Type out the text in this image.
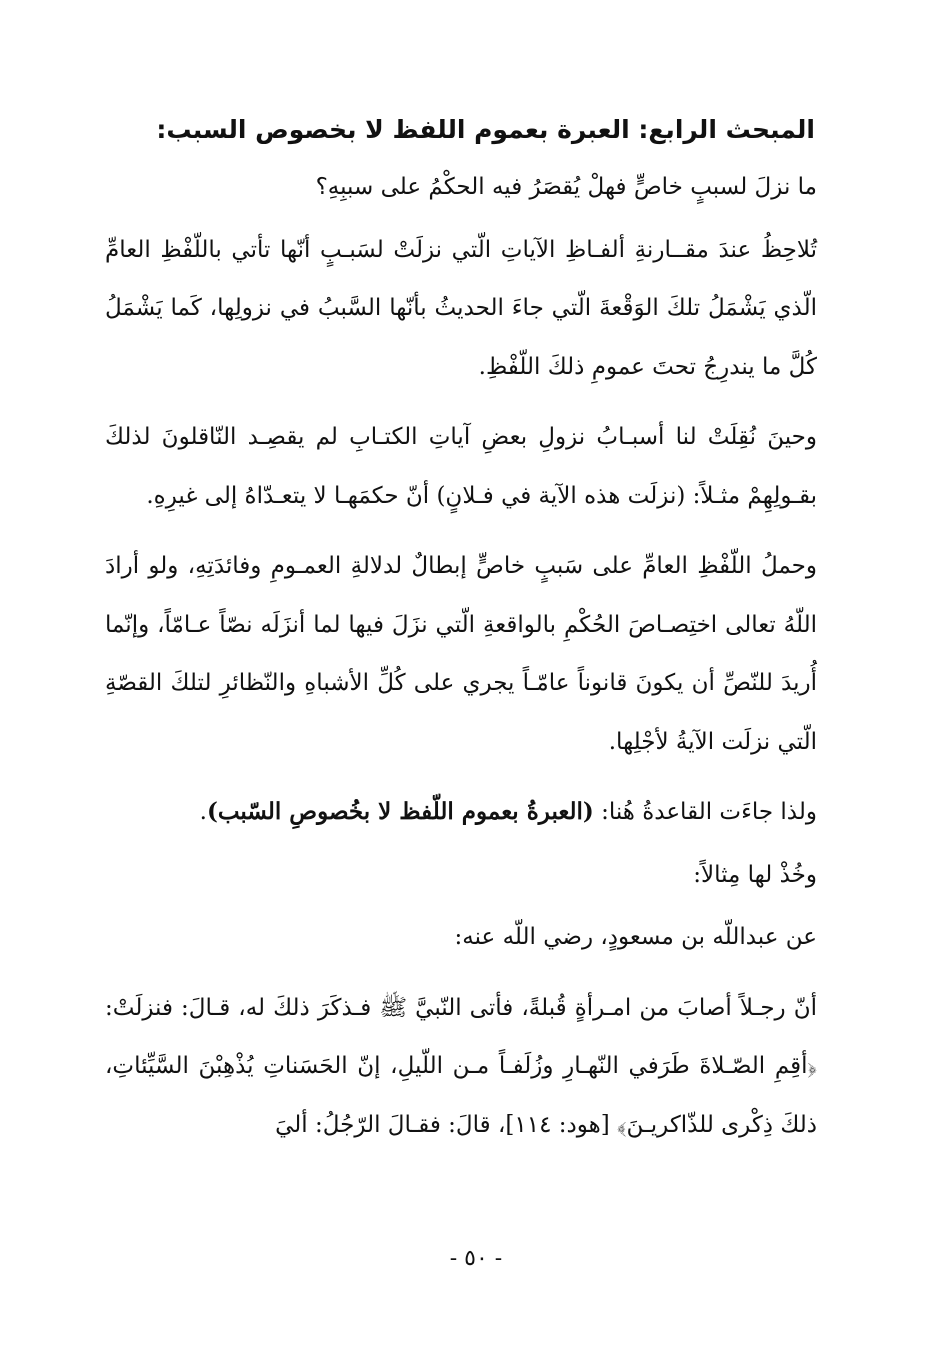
المبحث الرابع: العبرة بعموم اللفظ لا بخصوص السبب:

ما نزلَ لسببٍ خاصٍّ فهلْ يُقصَرُ فيه الحكْمُ على سببِهِ؟

تُلاحِظُ عندَ مقــارنةِ ألفـاظِ الآياتِ الّتي نزلَتْ لسَبـبٍ أنّها تأتي باللّفْظِ العامِّ الّذي يَشْمَلُ تلكَ الوَقْعةَ الّتي جاءَ الحديثُ بأنّها السَّببُ في نزولِها، كَما يَشْمَلُ كُلَّ ما يندرِجُ تحتَ عمومِ ذلكَ اللّفْظِ.

وحينَ نُقِلَتْ لنا أسبـابُ نزولِ بعضِ آياتِ الكتـابِ لم يقصِـد النّاقلونَ لذلكَ بقـولِهِمْ مثـلاً: (نزلَت هذه الآية في فـلانٍ) أنّ حكمَهـا لا يتعـدّاهُ إلى غيرِهِ.

وحملُ اللّفْظِ العامِّ على سَببٍ خاصٍّ إبطالٌ لدلالةِ العمـومِ وفائدَتِهِ، ولو أرادَ اللّهُ تعالى اختِصـاصَ الحُكْمِ بالواقعةِ الّتي نزَلَ فيها لما أنزَلَه نصّاً عـامّاً، وإنّما أُريدَ للنّصِّ أن يكونَ قانوناً عامّـاً يجري على كُلِّ الأشباهِ والنّظائرِ لتلكَ القصّةِ الّتي نزلَت الآيةُ لأجْلِها.

ولذا جاءَت القاعدةُ هُنا: (العبرةُ بعموم اللّفظ لا بخُصوصِ السّبب).

وخُذْ لها مِثالاً:

عن عبداللّه بن مسعودٍ، رضي اللّه عنه:

أنّ رجـلاً أصابَ من امـرأةٍ قُبلةً، فأتى النّبيَّ ﷺ فـذكَرَ ذلكَ له، قـالَ: فنزلَتْ: ﴿أقِمِ الصّـلاةَ طَرَفي النّهـارِ وزُلَفـاً مـن اللّيلِ، إنّ الحَسَناتِ يُذْهِبْنَ السَّيِّئاتِ، ذلكَ ذِكْرى للذّاكريـنَ﴾ [هود: ١١٤]، قالَ: فقـالَ الرّجُلُ: أليَ

- ٥٠ -
